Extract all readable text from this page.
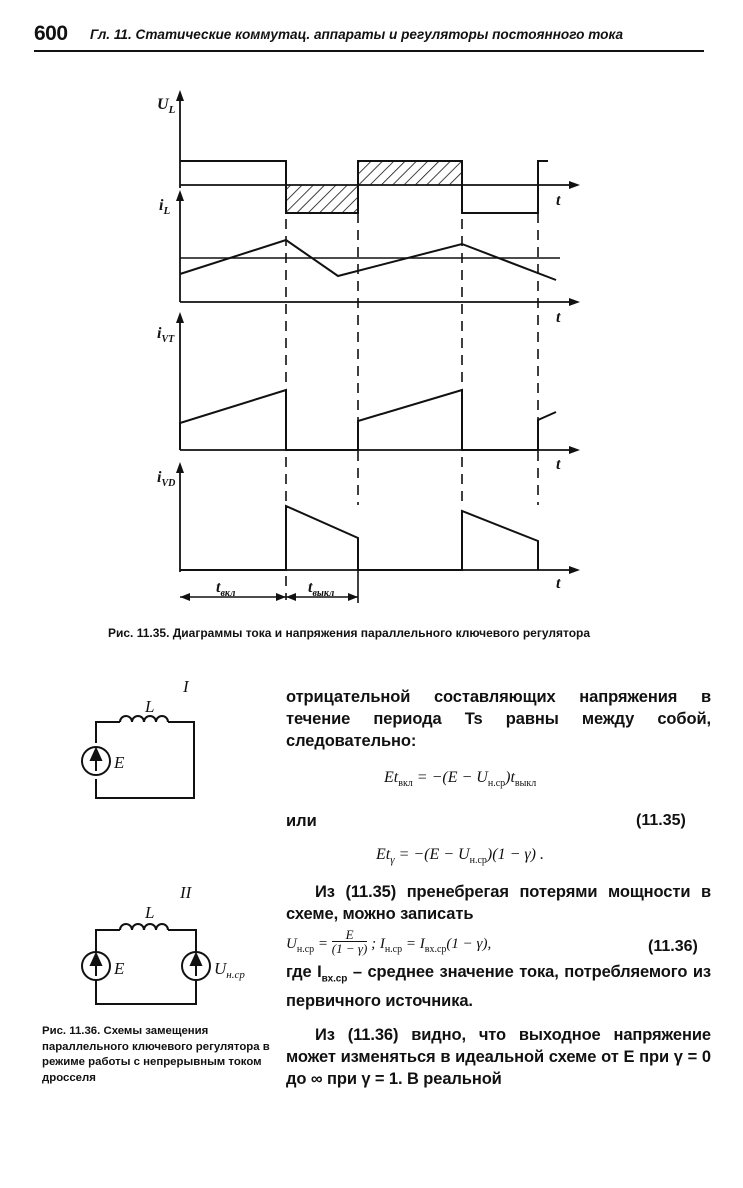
600 Гл. 11. Статические коммутац. аппараты и регуляторы постоянного тока
$U_L$
$i_L$
$i_{VT}$
$i_{VD}$
t
t
t
t
$t_{вкл}$	$t_{выкл}$
Рис. 11.35. Диаграммы тока и напряжения параллельного ключевого регулятора
I
L
E
II
L
E	$U_{н.ср}$
Рис. 11.36. Схемы замещения параллельного ключевого регулятора в режиме работы с непрерывным током дросселя
отрицательной составляющих напряжения в течение периода Ts равны между собой, следовательно:
$Et_{вкл} = -(E - U_{н.ср})t_{выкл}$
или	(11.35)
$Et_\gamma = -(E - U_{н.ср})(1 - \gamma)$ .
Из (11.35) пренебрегая потерями мощности в схеме, можно записать
$U_{н.ср} = \frac{E}{(1 - \gamma)}$ ; $I_{н.ср} = I_{вх.ср}(1 - \gamma)$,	(11.36)
где $I_{вх.ср}$ – среднее значение тока, потребляемого из первичного источника.
Из (11.36) видно, что выходное напряжение может изменяться в идеальной схеме от E при γ = 0 до ∞ при γ = 1. В реальной
